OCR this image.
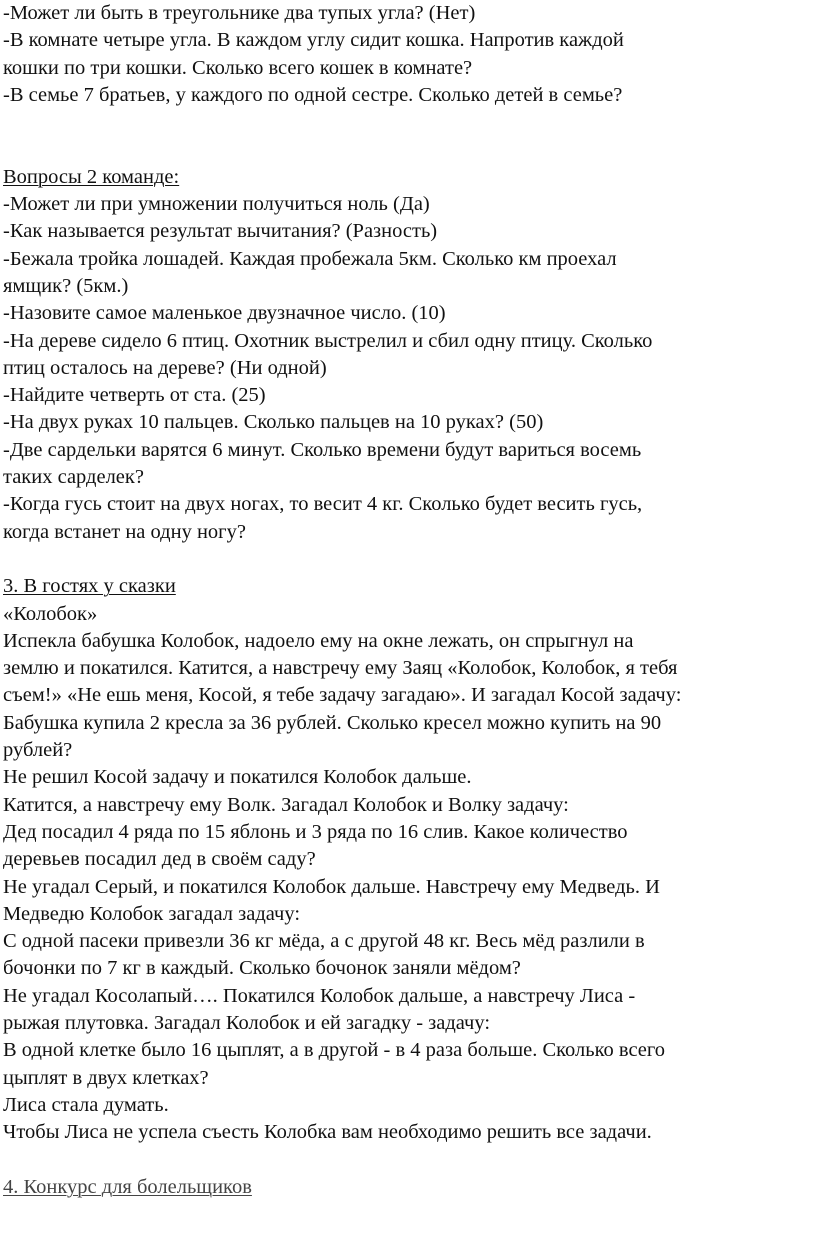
-Может ли быть в треугольнике два тупых угла? (Нет)
-В комнате четыре угла. В каждом углу сидит кошка. Напротив каждой
кошки по три кошки. Сколько всего кошек в комнате?
-В семье 7 братьев, у каждого по одной сестре. Сколько детей в семье?
Вопросы 2 команде:
-Может ли при умножении получиться ноль (Да)
-Как называется результат вычитания? (Разность)
-Бежала тройка лошадей. Каждая пробежала 5км. Сколько км проехал
ямщик? (5км.)
-Назовите самое маленькое двузначное число. (10)
-На дереве сидело 6 птиц. Охотник выстрелил и сбил одну птицу. Сколько
птиц осталось на дереве? (Ни одной)
-Найдите четверть от ста. (25)
-На двух руках 10 пальцев. Сколько пальцев на 10 руках? (50)
-Две сардельки варятся 6 минут. Сколько времени будут вариться восемь
таких сарделек?
-Когда гусь стоит на двух ногах, то весит 4 кг. Сколько будет весить гусь,
когда встанет на одну ногу?
3. В гостях у сказки
«Колобок»
Испекла бабушка Колобок, надоело ему на окне лежать, он спрыгнул на
землю и покатился. Катится, а навстречу ему Заяц «Колобок, Колобок, я тебя
съем!» «Не ешь меня, Косой, я тебе задачу загадаю». И загадал Косой задачу:
Бабушка купила 2 кресла за 36 рублей. Сколько кресел можно купить на 90
рублей?
Не решил Косой задачу и покатился Колобок дальше.
Катится, а навстречу ему Волк. Загадал Колобок и Волку задачу:
Дед посадил 4 ряда по 15 яблонь и 3 ряда по 16 слив. Какое количество
деревьев посадил дед в своём саду?
Не угадал Серый, и покатился Колобок дальше. Навстречу ему Медведь. И
Медведю Колобок загадал задачу:
С одной пасеки привезли 36 кг мёда, а с другой 48 кг. Весь мёд разлили в
бочонки по 7 кг в каждый. Сколько бочонок заняли мёдом?
Не угадал Косолапый…. Покатился Колобок дальше, а навстречу Лиса -
рыжая плутовка. Загадал Колобок и ей загадку - задачу:
В одной клетке было 16 цыплят, а в другой - в 4 раза больше. Сколько всего
цыплят в двух клетках?
Лиса стала думать.
Чтобы Лиса не успела съесть Колобка вам необходимо решить все задачи.
4. Конкурс для болельщиков
